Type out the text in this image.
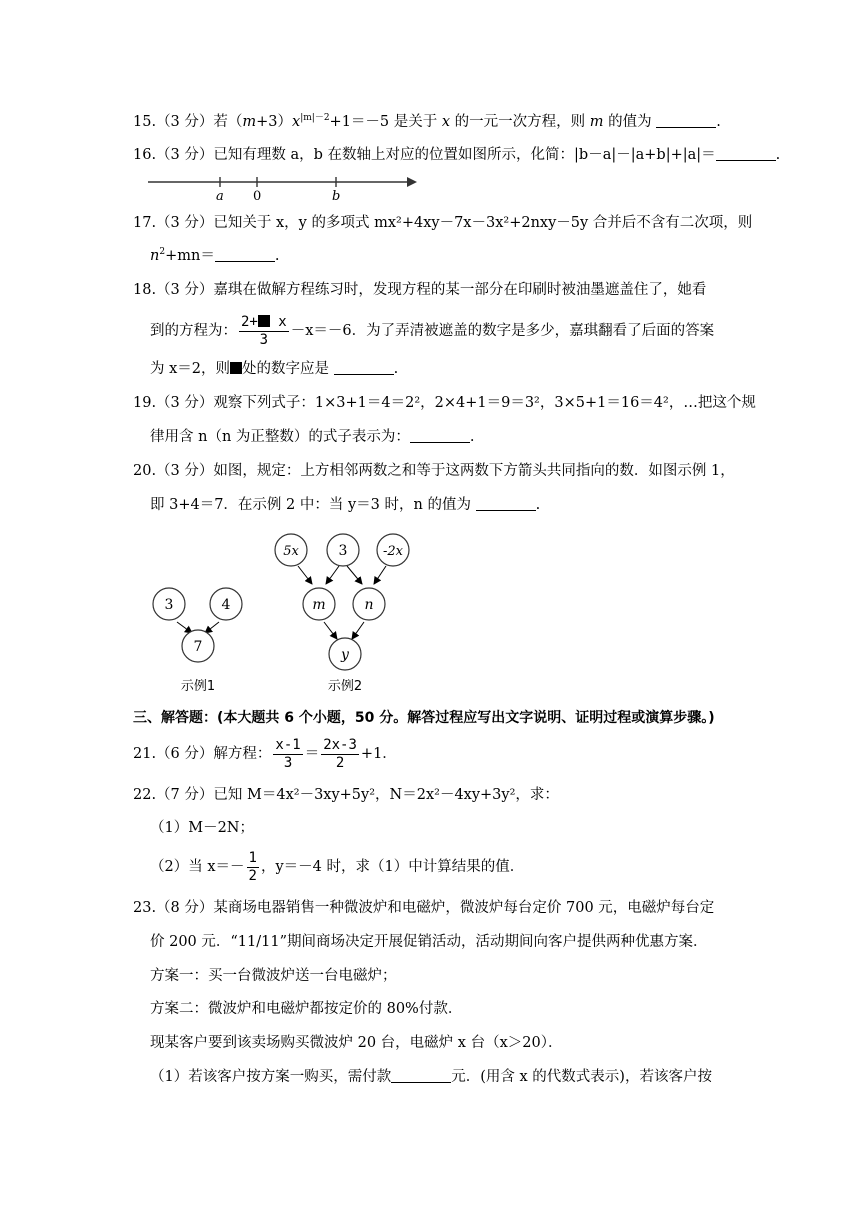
15.（3 分）若$(m+3)x^{|m|-2}+1=-5$ 是关于 x 的一元一次方程，则 m 的值为	.
16.（3 分）已知有理数 a，b 在数轴上对应的位置如图所示，化简：|b－a|－|a+b|+|a|＝	.
a 0	b
17.（3 分）已知关于 x，y 的多项式 mx²+4xy－7x－3x²+2nxy－5y 合并后不含有二次项，则
$n^2+mn=$	.
18.（3 分）嘉琪在做解方程练习时，发现方程的某一部分在印刷时被油墨遮盖住了，她看
到的方程为： $\frac{2+ x}{3} -x=-6$．为了弄清被遮盖的数字是多少，嘉琪翻看了后面的答案
为 x＝2，则 处的数字应是	.
19.（3 分）观察下列式子：1×3+1＝4＝2²，2×4+1＝9＝3²，3×5+1＝16＝4²，…把这个规
律用含 n（n 为正整数）的式子表示为：	.
20.（3 分）如图，规定：上方相邻两数之和等于这两数下方箭头共同指向的数．如图示例 1，
即 3+4＝7．在示例 2 中：当 y＝3 时，n 的值为	.
3	4
7
示例1
5x	3	-2x
m	n
y
示例2
三、解答题：(本大题共 6 个小题，50 分。解答过程应写出文字说明、证明过程或演算步骤。)
21.（6 分）解方程： $\frac{x-1}{3} = \frac{2x-3}{2} +1$．
22.（7 分）已知 M＝4x²－3xy+5y²，N＝2x²－4xy+3y²，求：
（1）M－2N；
（2）当 $x=- \frac{1}{2}$ ，y＝－4 时，求（1）中计算结果的值．
23.（8 分）某商场电器销售一种微波炉和电磁炉，微波炉每台定价 700 元，电磁炉每台定
价 200 元．“11/11”期间商场决定开展促销活动，活动期间向客户提供两种优惠方案．
方案一：买一台微波炉送一台电磁炉；
方案二：微波炉和电磁炉都按定价的 80%付款．
现某客户要到该卖场购买微波炉 20 台，电磁炉 x 台（x＞20）．
（1）若该客户按方案一购买，需付款	元．(用含 x 的代数式表示)，若该客户按
